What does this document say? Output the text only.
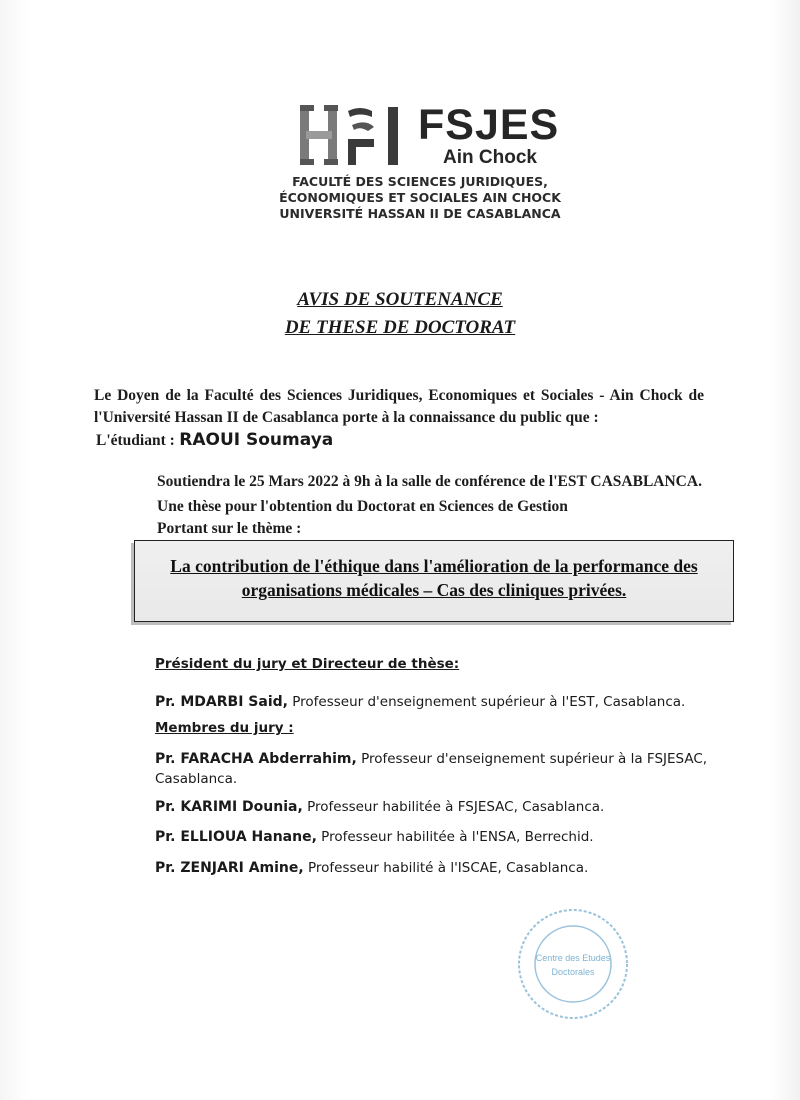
FSJES
Ain Chock
FACULTÉ DES SCIENCES JURIDIQUES,
ÉCONOMIQUES ET SOCIALES AIN CHOCK
UNIVERSITÉ HASSAN II DE CASABLANCA
AVIS DE SOUTENANCE
DE THESE DE DOCTORAT
Le Doyen de la Faculté des Sciences Juridiques, Economiques et Sociales - Ain Chock de l'Université Hassan II de Casablanca porte à la connaissance du public que :
L'étudiant : RAOUI Soumaya
Soutiendra le 25 Mars 2022 à 9h à la salle de conférence de l'EST CASABLANCA.
Une thèse pour l'obtention du Doctorat en Sciences de Gestion
Portant sur le thème :
La contribution de l'éthique dans l'amélioration de la performance des organisations médicales – Cas des cliniques privées.
Président du jury et Directeur de thèse:
Pr. MDARBI Said, Professeur d'enseignement supérieur à l'EST, Casablanca.
Membres du jury :
Pr. FARACHA Abderrahim, Professeur d'enseignement supérieur à la FSJESAC, Casablanca.
Pr. KARIMI Dounia, Professeur habilitée à FSJESAC, Casablanca.
Pr. ELLIOUA Hanane, Professeur habilitée à l'ENSA, Berrechid.
Pr. ZENJARI Amine, Professeur habilité à l'ISCAE, Casablanca.
Centre des Etudes
Doctorales
